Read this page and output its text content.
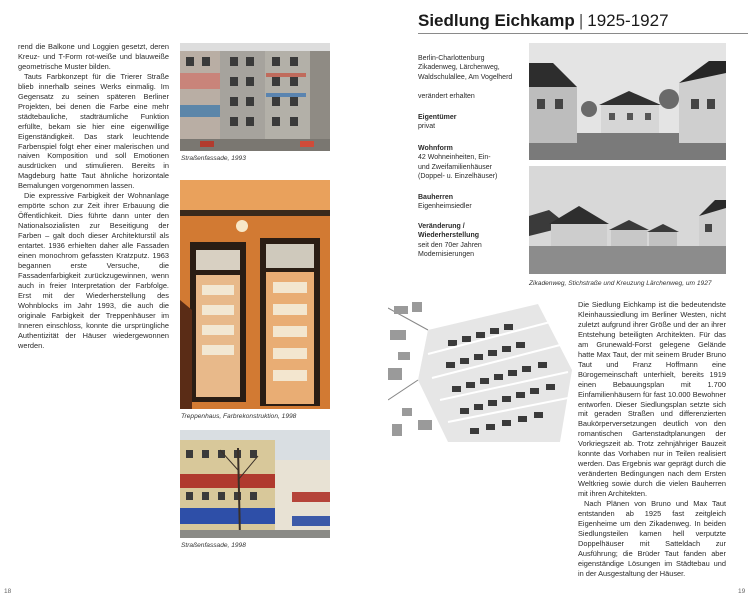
Siedlung Eichkamp | 1925-1927

rend die Balkone und Loggien gesetzt, deren Kreuz- und T-Form rot-weiße und blauweiße geometrische Muster bilden.

Tauts Farbkonzept für die Trierer Straße blieb innerhalb seines Werks einmalig. Im Gegensatz zu seinen späteren Berliner Projekten, bei denen die Farbe eine mehr städtebauliche, stadträumliche Funktion erfüllte, bekam sie hier eine eigenwillige Eigenständigkeit. Das stark leuchtende Farbenspiel folgt eher einer malerischen und naiven Komposition und soll Emotionen ausdrücken und stimulieren. Bereits in Magdeburg hatte Taut ähnliche horizontale Bemalungen vorgenommen lassen.

Die expressive Farbigkeit der Wohnanlage empörte schon zur Zeit ihrer Erbauung die Öffentlichkeit. Dies führte dann unter den Nationalsozialisten zur Beseitigung der Farben – galt doch dieser Architekturstil als entartet. 1936 erhielten daher alle Fassaden einen monochrom gefassten Kratzputz. 1963 begannen erste Versuche, die Fassadenfarbigkeit zurückzugewinnen, wenn auch in freier Interpretation der Farbfolge. Erst mit der Wiederherstellung des Wohnblocks im Jahr 1993, die auch die originale Farbigkeit der Treppenhäuser im Inneren einschloss, konnte die ursprüngliche Authentizität der Häuser wiedergewonnen werden.

Straßenfassade, 1993
Treppenhaus, Farbrekonstruktion, 1998
Straßenfassade, 1998
Zikadenweg, Stichstraße und Kreuzung Lärchenweg, um 1927
Berlin-Charlottenburg
Zikadenweg, Lärchenweg,
Waldschulallee, Am Vogelherd
verändert erhalten
Eigentümer
privat
Wohnform
42 Wohneinheiten, Ein-
und Zweifamilienhäuser
(Doppel- u. Einzelhäuser)
Bauherren
Eigenheimsiedler
Veränderung /
Wiederherstellung
seit den 70er Jahren
Modernisierungen

Die Siedlung Eichkamp ist die bedeutendste Kleinhaussiedlung im Berliner Westen, nicht zuletzt aufgrund ihrer Größe und der an ihrer Entstehung beteiligten Architekten. Für das am Grunewald-Forst gelegene Gelände hatte Max Taut, der mit seinem Bruder Bruno Taut und Franz Hoffmann eine Bürogemeinschaft unterhielt, bereits 1919 einen Bebauungsplan mit 1.700 Einfamilienhäusern für fast 10.000 Bewohner entworfen. Dieser Siedlungsplan setzte sich mit geraden Straßen und differenzierten Baukörperversetzungen deutlich von den romantischen Gartenstadtplanungen der Vorkriegszeit ab. Trotz zehnjähriger Bauzeit konnte das Vorhaben nur in Teilen realisiert werden. Das Ergebnis war geprägt durch die veränderten Bedingungen nach dem Ersten Weltkrieg sowie durch die vielen Bauherren mit ihren Architekten.

Nach Plänen von Bruno und Max Taut entstanden ab 1925 fast zeitgleich Eigenheime um den Zikadenweg. In beiden Siedlungsteilen kamen hell verputzte Doppelhäuser mit Satteldach zur Ausführung; die Brüder Taut fanden aber eigenständige Lösungen im Städtebau und in der Ausgestaltung der Häuser.

18	19
